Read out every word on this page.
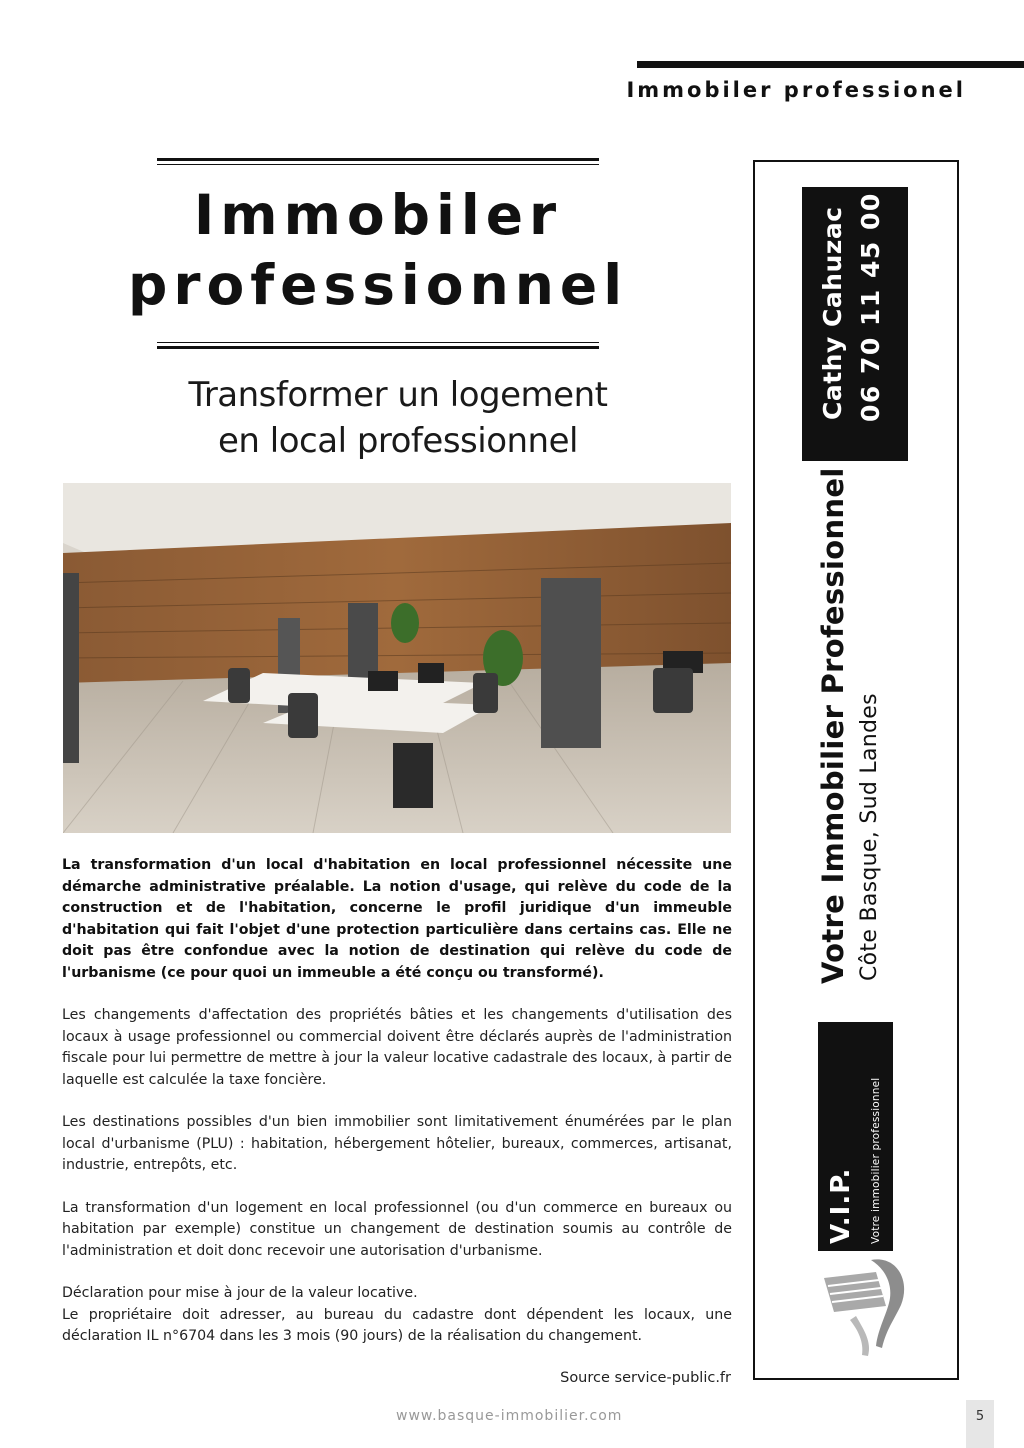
Immobiler professionel
Immobiler
professionnel
Transformer un logement
en local professionnel

La transformation d'un local d'habitation en local professionnel nécessite une démarche administrative préalable. La notion d'usage, qui relève du code de la construction et de l'habitation, concerne le profil juridique d'un immeuble d'habitation qui fait l'objet d'une protection particulière dans certains cas. Elle ne doit pas être confondue avec la notion de destination qui relève du code de l'urbanisme (ce pour quoi un immeuble a été conçu ou transformé).

Les changements d'affectation des propriétés bâties et les changements d'utilisation des locaux à usage professionnel ou commercial doivent être déclarés auprès de l'administration fiscale pour lui permettre de mettre à jour la valeur locative cadastrale des locaux, à partir de laquelle est calculée la taxe foncière.

Les destinations possibles d'un bien immobilier sont limitativement énumérées par le plan local d'urbanisme (PLU) : habitation, hébergement hôtelier, bureaux, commerces, artisanat, industrie, entrepôts, etc.

La transformation d'un logement en local professionnel (ou d'un commerce en bureaux ou habitation par exemple) constitue un changement de destination soumis au contrôle de l'administration et doit donc recevoir une autorisation d'urbanisme.

Déclaration pour mise à jour de la valeur locative.
Le propriétaire doit adresser, au bureau du cadastre dont dépendent les locaux, une déclaration IL n°6704 dans les 3 mois (90 jours) de la réalisation du changement.

Source service-public.fr
www.basque-immobilier.com	5
Cathy Cahuzac 06 70 11 45 00
Votre Immobilier Professionnel Côte Basque, Sud Landes
V.I.P. Votre immobilier professionnel
